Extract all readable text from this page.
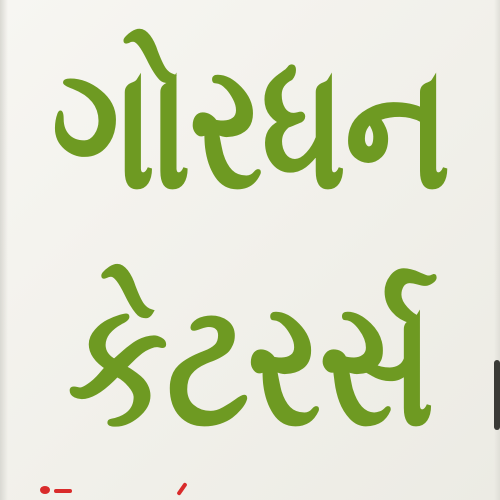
ગોરધન
કેટરર્સ
